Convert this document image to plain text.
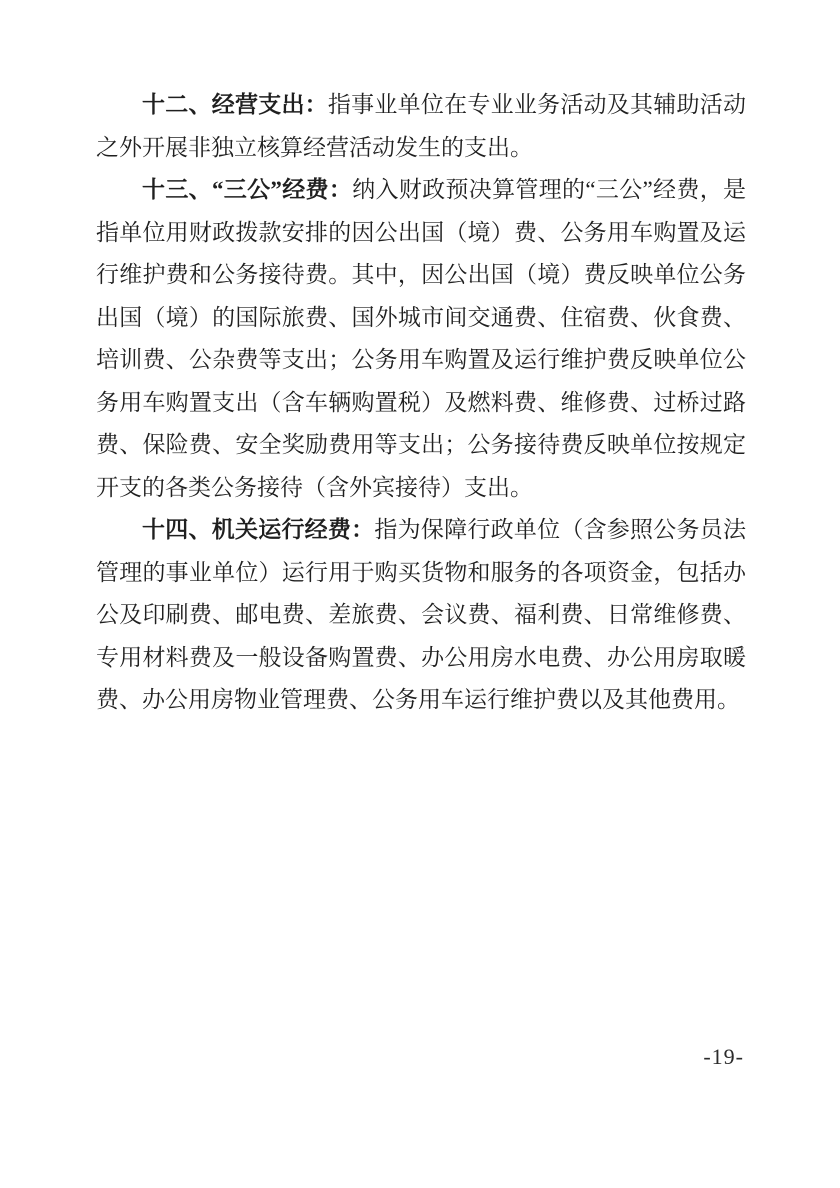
十二、经营支出：指事业单位在专业业务活动及其辅助活动之外开展非独立核算经营活动发生的支出。

十三、“三公”经费：纳入财政预决算管理的“三公”经费，是指单位用财政拨款安排的因公出国（境）费、公务用车购置及运行维护费和公务接待费。其中，因公出国（境）费反映单位公务出国（境）的国际旅费、国外城市间交通费、住宿费、伙食费、培训费、公杂费等支出；公务用车购置及运行维护费反映单位公务用车购置支出（含车辆购置税）及燃料费、维修费、过桥过路费、保险费、安全奖励费用等支出；公务接待费反映单位按规定开支的各类公务接待（含外宾接待）支出。

十四、机关运行经费：指为保障行政单位（含参照公务员法管理的事业单位）运行用于购买货物和服务的各项资金，包括办公及印刷费、邮电费、差旅费、会议费、福利费、日常维修费、专用材料费及一般设备购置费、办公用房水电费、办公用房取暖费、办公用房物业管理费、公务用车运行维护费以及其他费用。

-19-
